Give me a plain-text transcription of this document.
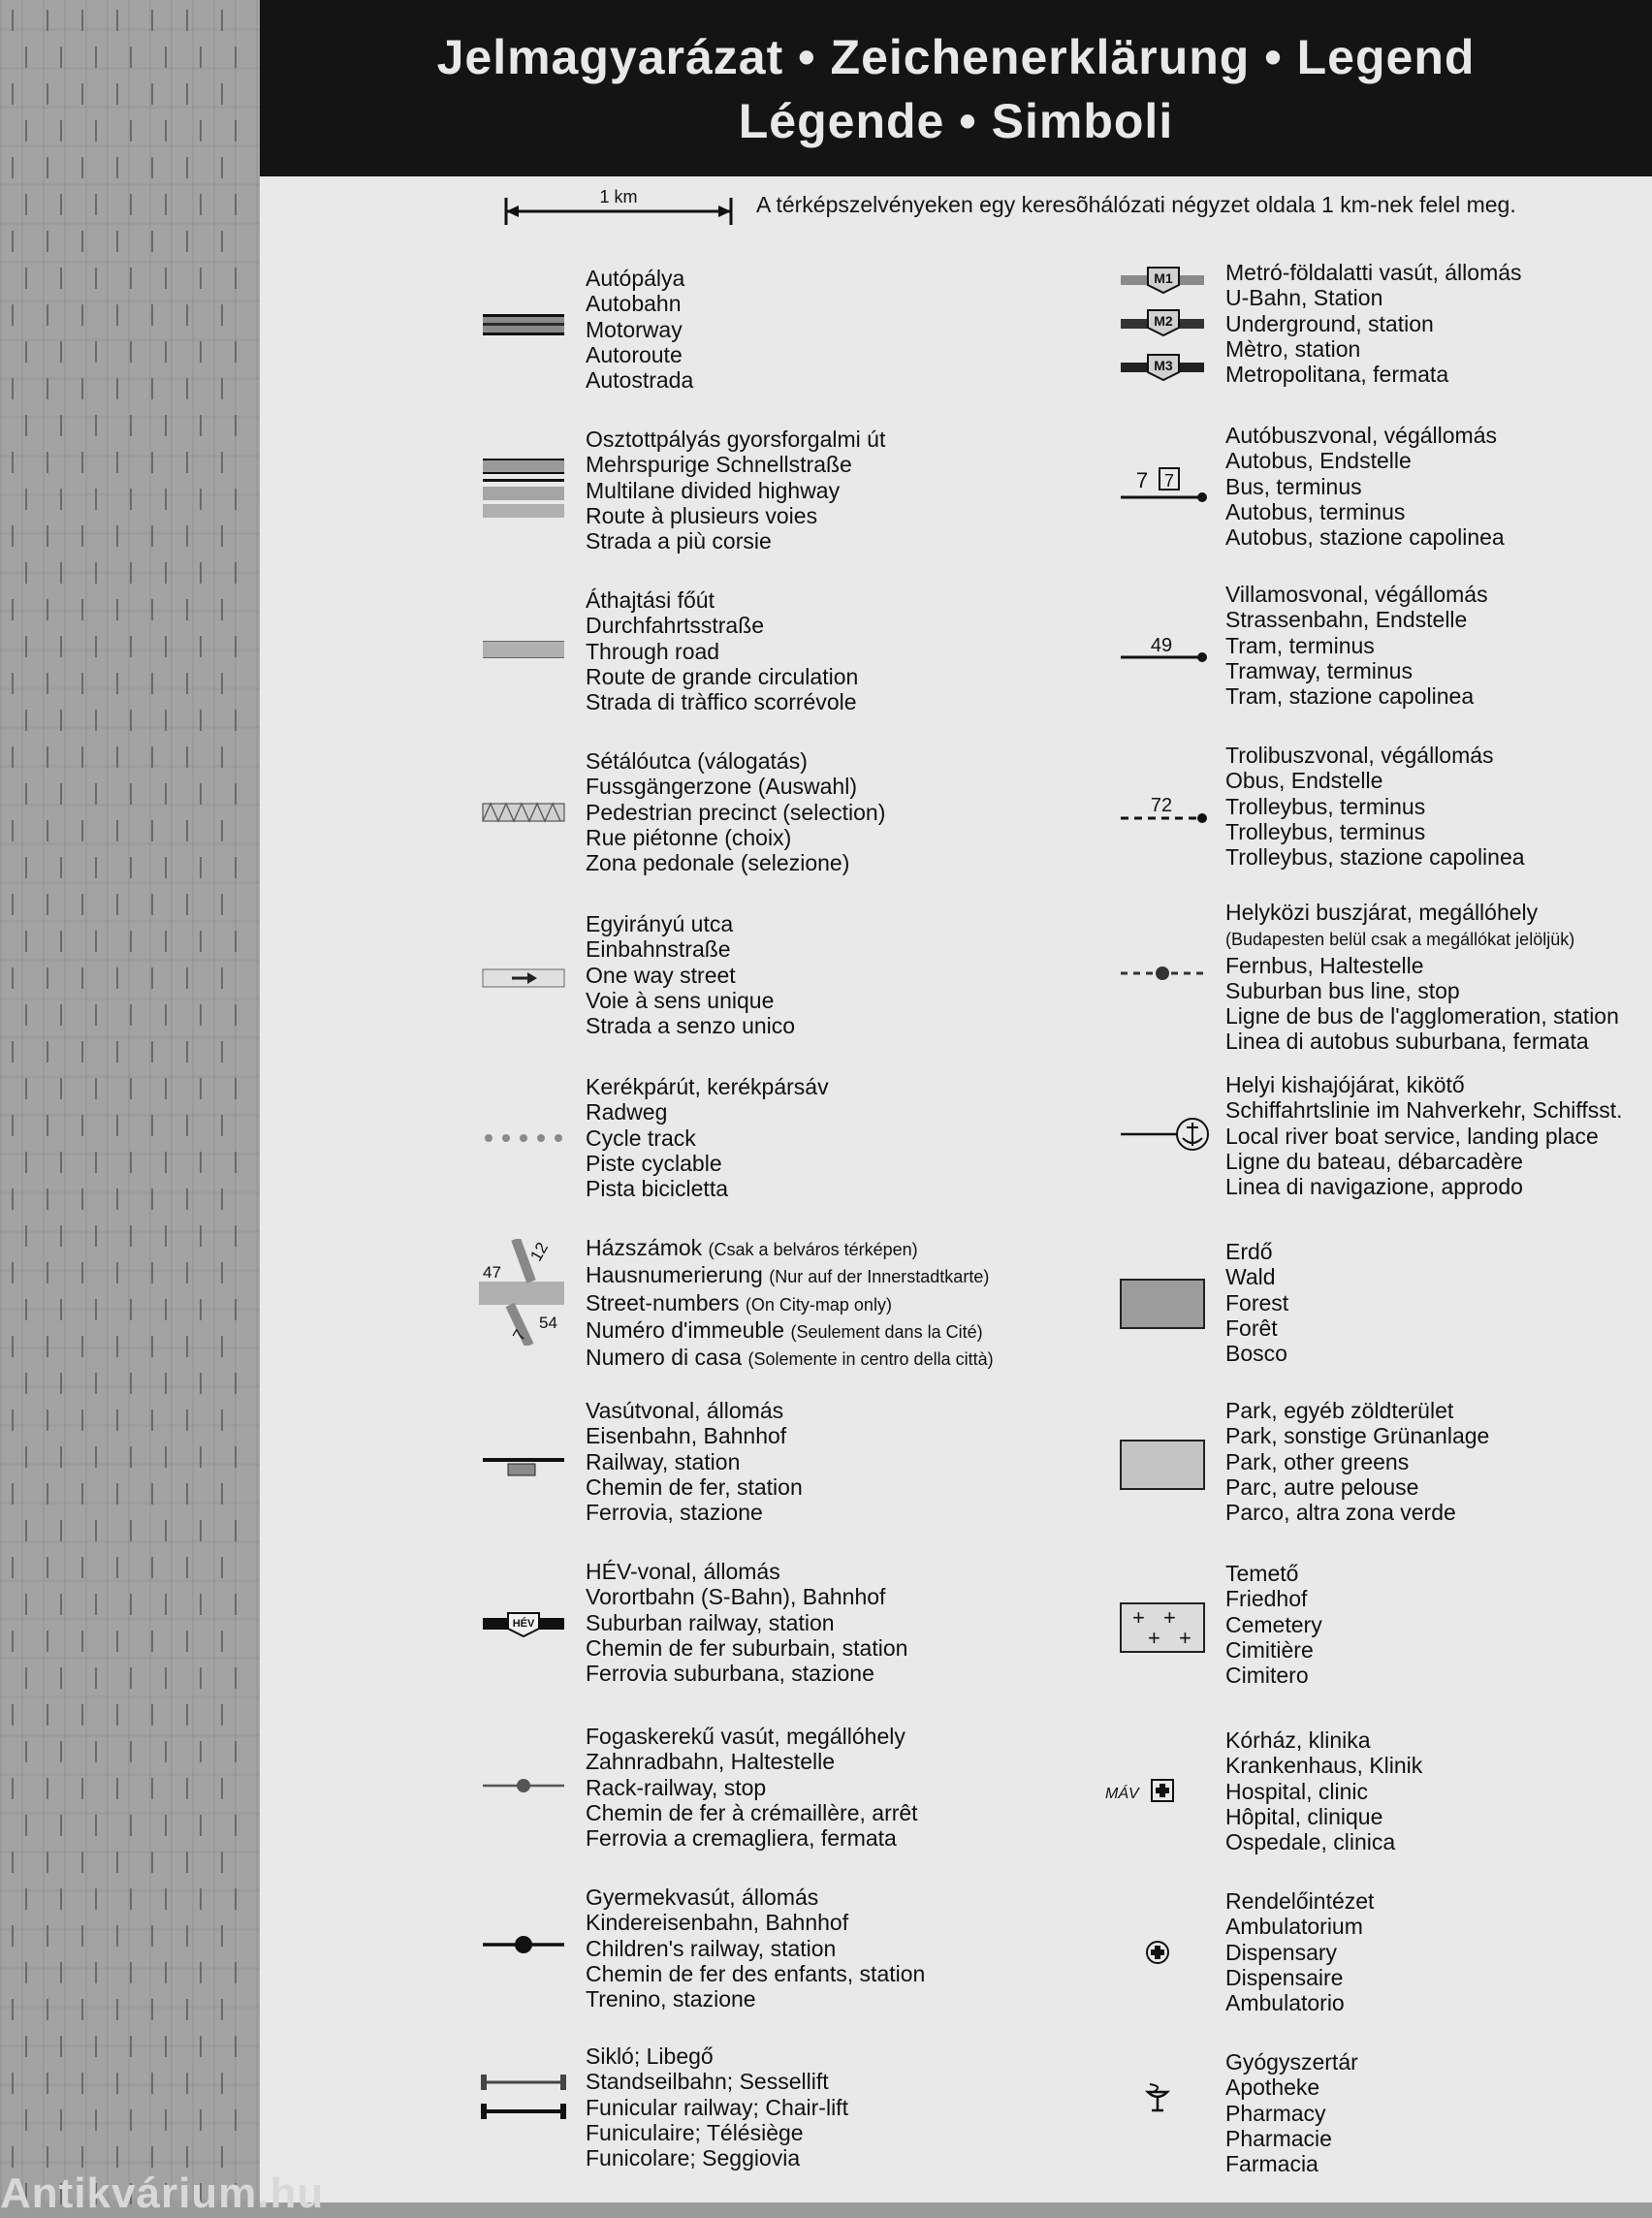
Jelmagyarázat • Zeichenerklärung • Legend
Légende • Simboli
1 km	A térképszelvényeken egy keresõhálózati négyzet oldala 1 km-nek felel meg.
47
12
54
7
HÉV
M1
M2
M3
7 7
49
72
+ +
+ +
MÁV
Autópálya
Autobahn
Motorway
Autoroute
Autostrada
Osztottpályás gyorsforgalmi út
Mehrspurige Schnellstraße
Multilane divided highway
Route à plusieurs voies
Strada a più corsie
Áthajtási főút
Durchfahrtsstraße
Through road
Route de grande circulation
Strada di tràffico scorrévole
Sétálóutca (válogatás)
Fussgängerzone (Auswahl)
Pedestrian precinct (selection)
Rue piétonne (choix)
Zona pedonale (selezione)
Egyirányú utca
Einbahnstraße
One way street
Voie à sens unique
Strada a senzo unico
Kerékpárút, kerékpársáv
Radweg
Cycle track
Piste cyclable
Pista bicicletta
Házszámok (Csak a belváros térképen)
Hausnumerierung (Nur auf der Innerstadtkarte)
Street-numbers (On City-map only)
Numéro d'immeuble (Seulement dans la Cité)
Numero di casa (Solemente in centro della città)
Vasútvonal, állomás
Eisenbahn, Bahnhof
Railway, station
Chemin de fer, station
Ferrovia, stazione
HÉV-vonal, állomás
Vorortbahn (S-Bahn), Bahnhof
Suburban railway, station
Chemin de fer suburbain, station
Ferrovia suburbana, stazione
Fogaskerekű vasút, megállóhely
Zahnradbahn, Haltestelle
Rack-railway, stop
Chemin de fer à crémaillère, arrêt
Ferrovia a cremagliera, fermata
Gyermekvasút, állomás
Kindereisenbahn, Bahnhof
Children's railway, station
Chemin de fer des enfants, station
Trenino, stazione
Sikló; Libegő
Standseilbahn; Sessellift
Funicular railway; Chair-lift
Funiculaire; Télésiège
Funicolare; Seggiovia
Metró-földalatti vasút, állomás
U-Bahn, Station
Underground, station
Mètro, station
Metropolitana, fermata
Autóbuszvonal, végállomás
Autobus, Endstelle
Bus, terminus
Autobus, terminus
Autobus, stazione capolinea
Villamosvonal, végállomás
Strassenbahn, Endstelle
Tram, terminus
Tramway, terminus
Tram, stazione capolinea
Trolibuszvonal, végállomás
Obus, Endstelle
Trolleybus, terminus
Trolleybus, terminus
Trolleybus, stazione capolinea
Helyközi buszjárat, megállóhely
(Budapesten belül csak a megállókat jelöljük)
Fernbus, Haltestelle
Suburban bus line, stop
Ligne de bus de l'agglomeration, station
Linea di autobus suburbana, fermata
Helyi kishajójárat, kikötő
Schiffahrtslinie im Nahverkehr, Schiffsst.
Local river boat service, landing place
Ligne du bateau, débarcadère
Linea di navigazione, approdo
Erdő
Wald
Forest
Forêt
Bosco
Park, egyéb zöldterület
Park, sonstige Grünanlage
Park, other greens
Parc, autre pelouse
Parco, altra zona verde
Temető
Friedhof
Cemetery
Cimitière
Cimitero
Kórház, klinika
Krankenhaus, Klinik
Hospital, clinic
Hôpital, clinique
Ospedale, clinica
Rendelőintézet
Ambulatorium
Dispensary
Dispensaire
Ambulatorio
Gyógyszertár
Apotheke
Pharmacy
Pharmacie
Farmacia
Antikvárium.hu
